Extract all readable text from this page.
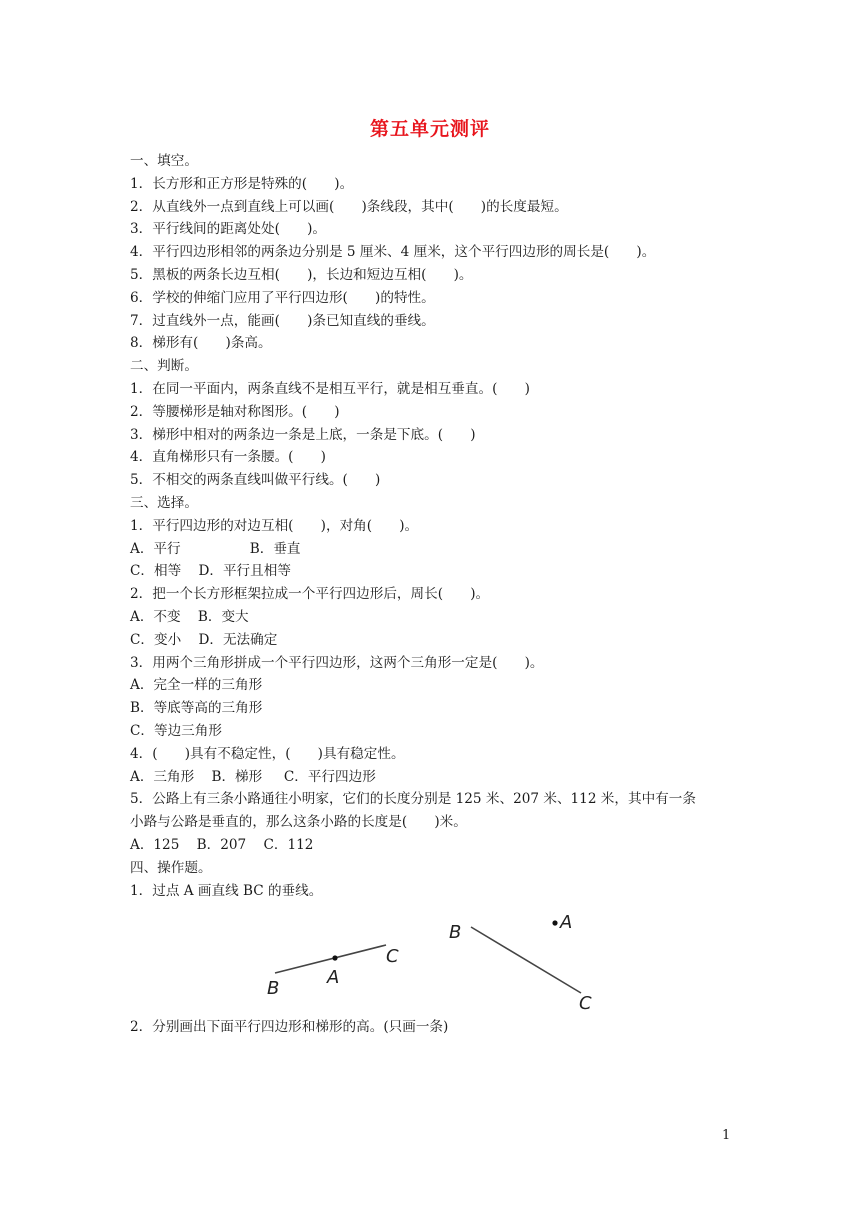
第五单元测评
一、填空。
1．长方形和正方形是特殊的(　　)。
2．从直线外一点到直线上可以画(　　)条线段，其中(　　)的长度最短。
3．平行线间的距离处处(　　)。
4．平行四边形相邻的两条边分别是 5 厘米、4 厘米，这个平行四边形的周长是(　　)。
5．黑板的两条长边互相(　　)，长边和短边互相(　　)。
6．学校的伸缩门应用了平行四边形(　　)的特性。
7．过直线外一点，能画(　　)条已知直线的垂线。
8．梯形有(　　)条高。
二、判断。
1．在同一平面内，两条直线不是相互平行，就是相互垂直。(　　)
2．等腰梯形是轴对称图形。(　　)
3．梯形中相对的两条边一条是上底，一条是下底。(　　)
4．直角梯形只有一条腰。(　　)
5．不相交的两条直线叫做平行线。(　　)
三、选择。
1．平行四边形的对边互相(　　)，对角(　　)。
A．平行                B．垂直
C．相等    D．平行且相等
2．把一个长方形框架拉成一个平行四边形后，周长(　　)。
A．不变    B．变大
C．变小    D．无法确定
3．用两个三角形拼成一个平行四边形，这两个三角形一定是(　　)。
A．完全一样的三角形
B．等底等高的三角形
C．等边三角形
4．(　　)具有不稳定性，(　　)具有稳定性。
A．三角形    B．梯形     C．平行四边形
5．公路上有三条小路通往小明家，它们的长度分别是 125 米、207 米、112 米，其中有一条
小路与公路是垂直的，那么这条小路的长度是(　　)米。
A．125    B．207    C．112
四、操作题。
1．过点 A 画直线 BC 的垂线。
B
A
C
B	A
C
2．分别画出下面平行四边形和梯形的高。(只画一条)
1
